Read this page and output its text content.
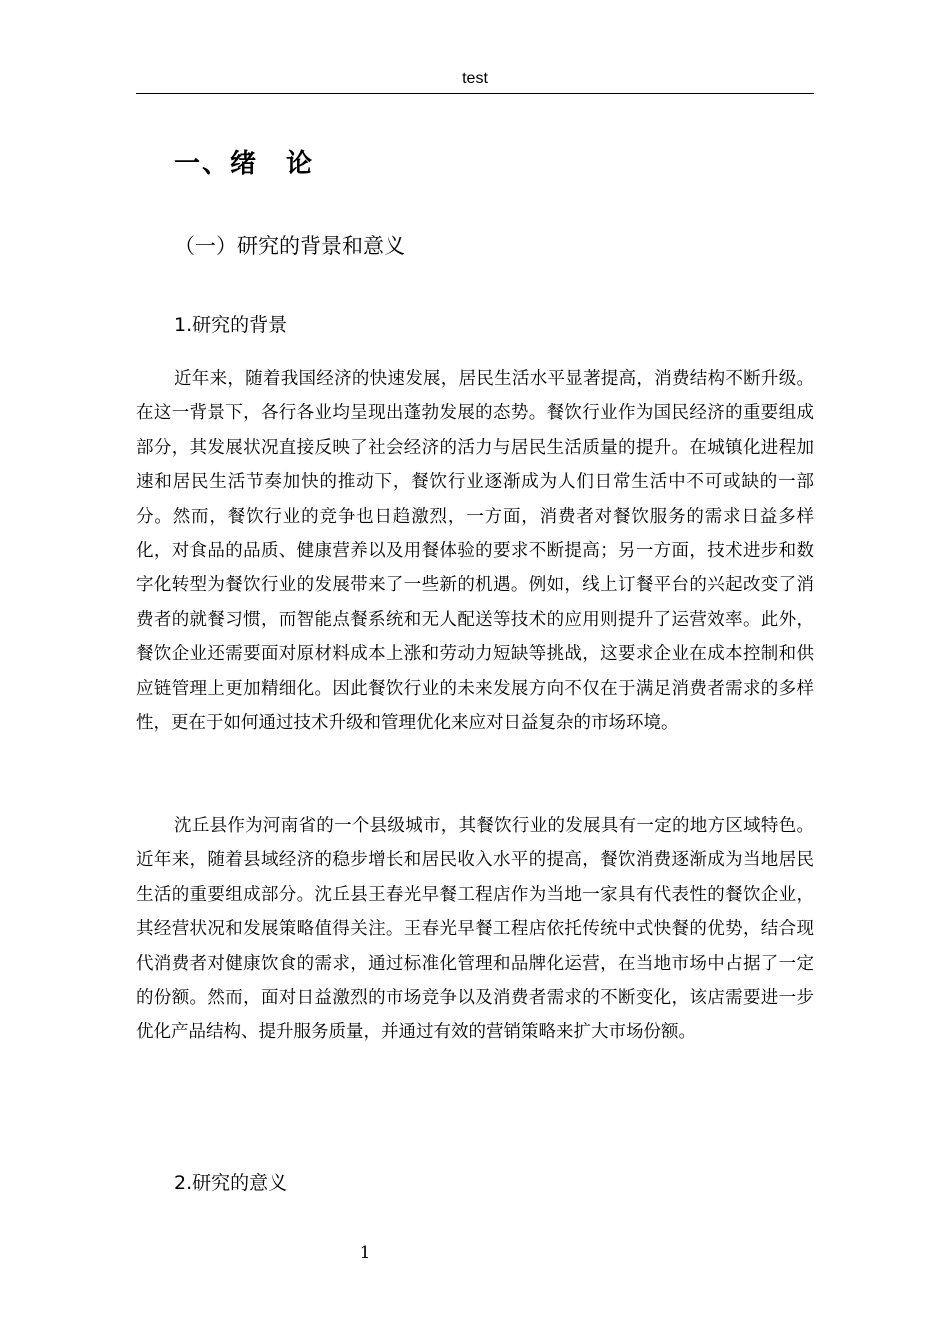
test
一、绪　论
（一）研究的背景和意义
1.研究的背景

近年来，随着我国经济的快速发展，居民生活水平显著提高，消费结构不断升级。在这一背景下，各行各业均呈现出蓬勃发展的态势。餐饮行业作为国民经济的重要组成部分，其发展状况直接反映了社会经济的活力与居民生活质量的提升。在城镇化进程加速和居民生活节奏加快的推动下，餐饮行业逐渐成为人们日常生活中不可或缺的一部分。然而，餐饮行业的竞争也日趋激烈，一方面，消费者对餐饮服务的需求日益多样化，对食品的品质、健康营养以及用餐体验的要求不断提高；另一方面，技术进步和数字化转型为餐饮行业的发展带来了一些新的机遇。例如，线上订餐平台的兴起改变了消费者的就餐习惯，而智能点餐系统和无人配送等技术的应用则提升了运营效率。此外，餐饮企业还需要面对原材料成本上涨和劳动力短缺等挑战，这要求企业在成本控制和供应链管理上更加精细化。因此餐饮行业的未来发展方向不仅在于满足消费者需求的多样性，更在于如何通过技术升级和管理优化来应对日益复杂的市场环境。

沈丘县作为河南省的一个县级城市，其餐饮行业的发展具有一定的地方区域特色。近年来，随着县域经济的稳步增长和居民收入水平的提高，餐饮消费逐渐成为当地居民生活的重要组成部分。沈丘县王春光早餐工程店作为当地一家具有代表性的餐饮企业，其经营状况和发展策略值得关注。王春光早餐工程店依托传统中式快餐的优势，结合现代消费者对健康饮食的需求，通过标准化管理和品牌化运营，在当地市场中占据了一定的份额。然而，面对日益激烈的市场竞争以及消费者需求的不断变化，该店需要进一步优化产品结构、提升服务质量，并通过有效的营销策略来扩大市场份额。

2.研究的意义
1
